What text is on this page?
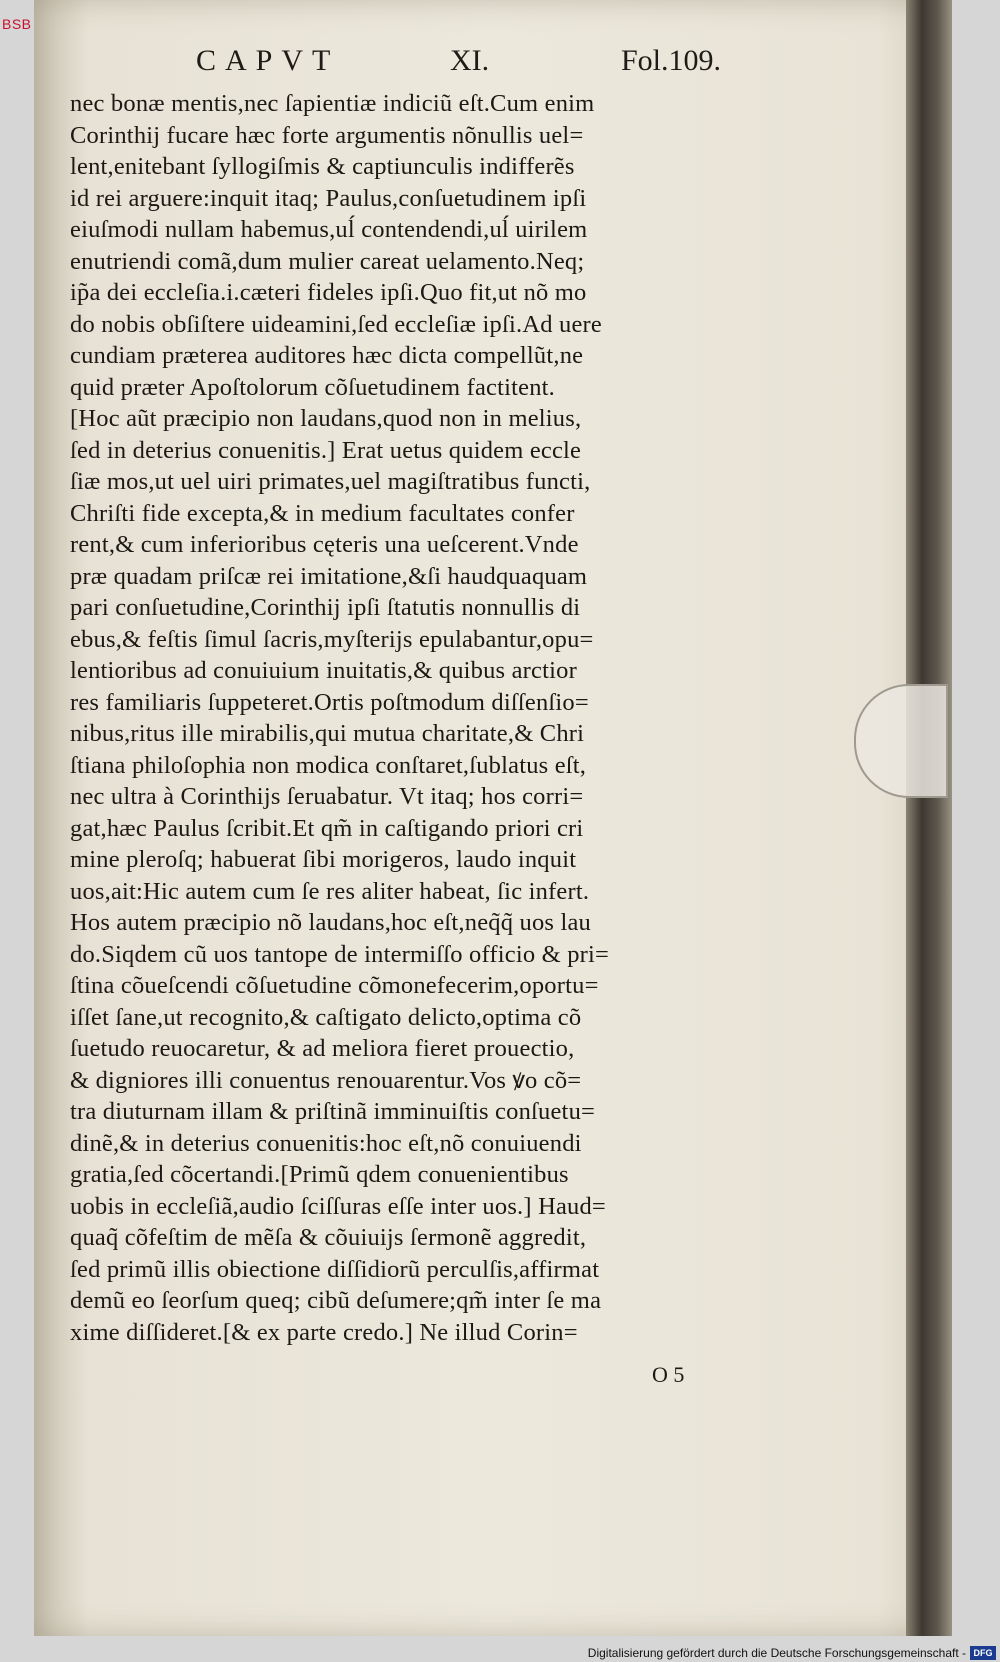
BSB
CAPVT	XI.	Fol.109.
nec bonæ mentis,nec ſapientiæ indiciũ eſt.Cum enim
Corinthij fucare hæc forte argumentis nõnullis uel=
lent,enitebant ſyllogiſmis & captiunculis indifferẽs
id rei arguere:inquit itaq; Paulus,conſuetudinem ipſi
eiuſmodi nullam habemus,uĺ contendendi,uĺ uirilem
enutriendi comã,dum mulier careat uelamento.Neq;
ip̃a dei eccleſia.i.cæteri fideles ipſi.Quo fit,ut nõ mo
do nobis obſiſtere uideamini,ſed eccleſiæ ipſi.Ad uere
cundiam præterea auditores hæc dicta compellũt,ne
quid præter Apoſtolorum cõſuetudinem factitent.
[Hoc aũt præcipio non laudans,quod non in melius,
ſed in deterius conuenitis.] Erat uetus quidem eccle
ſiæ mos,ut uel uiri primates,uel magiſtratibus functi,
Chriſti fide excepta,& in medium facultates confer
rent,& cum inferioribus cęteris una ueſcerent.Vnde
præ quadam priſcæ rei imitatione,&ſi haudquaquam
pari conſuetudine,Corinthij ipſi ſtatutis nonnullis di
ebus,& feſtis ſimul ſacris,myſterijs epulabantur,opu=
lentioribus ad conuiuium inuitatis,& quibus arctior
res familiaris ſuppeteret.Ortis poſtmodum diſſenſio=
nibus,ritus ille mirabilis,qui mutua charitate,& Chri
ſtiana philoſophia non modica conſtaret,ſublatus eſt,
nec ultra à Corinthijs ſeruabatur. Vt itaq; hos corri=
gat,hæc Paulus ſcribit.Et qm̃ in caſtigando priori cri
mine pleroſq; habuerat ſibi morigeros, laudo inquit
uos,ait:Hic autem cum ſe res aliter habeat, ſic infert.
Hos autem præcipio nõ laudans,hoc eſt,neq̃q̃ uos lau
do.Siqdem cũ uos tantope de intermiſſo officio & pri=
ſtina cõueſcendi cõſuetudine cõmonefecerim,oportu=
iſſet ſane,ut recognito,& caſtigato delicto,optima cõ
ſuetudo reuocaretur, & ad meliora fieret prouectio,
& digniores illi conuentus renouarentur.Vos ꝟo cõ=
tra diuturnam illam & priſtinã imminuiſtis conſuetu=
dinẽ,& in deterius conuenitis:hoc eſt,nõ conuiuendi
gratia,ſed cõcertandi.[Primũ qdem conuenientibus
uobis in eccleſiã,audio ſciſſuras eſſe inter uos.] Haud=
quaq̃ cõfeſtim de mẽſa & cõuiuijs ſermonẽ aggredit,
ſed primũ illis obiectione diſſidiorũ perculſis,affirmat
demũ eo ſeorſum queq; cibũ deſumere;qm̃ inter ſe ma
xime diſſideret.[& ex parte credo.] Ne illud Corin=
O 5
Digitalisierung gefördert durch die Deutsche Forschungsgemeinschaft - DFG
